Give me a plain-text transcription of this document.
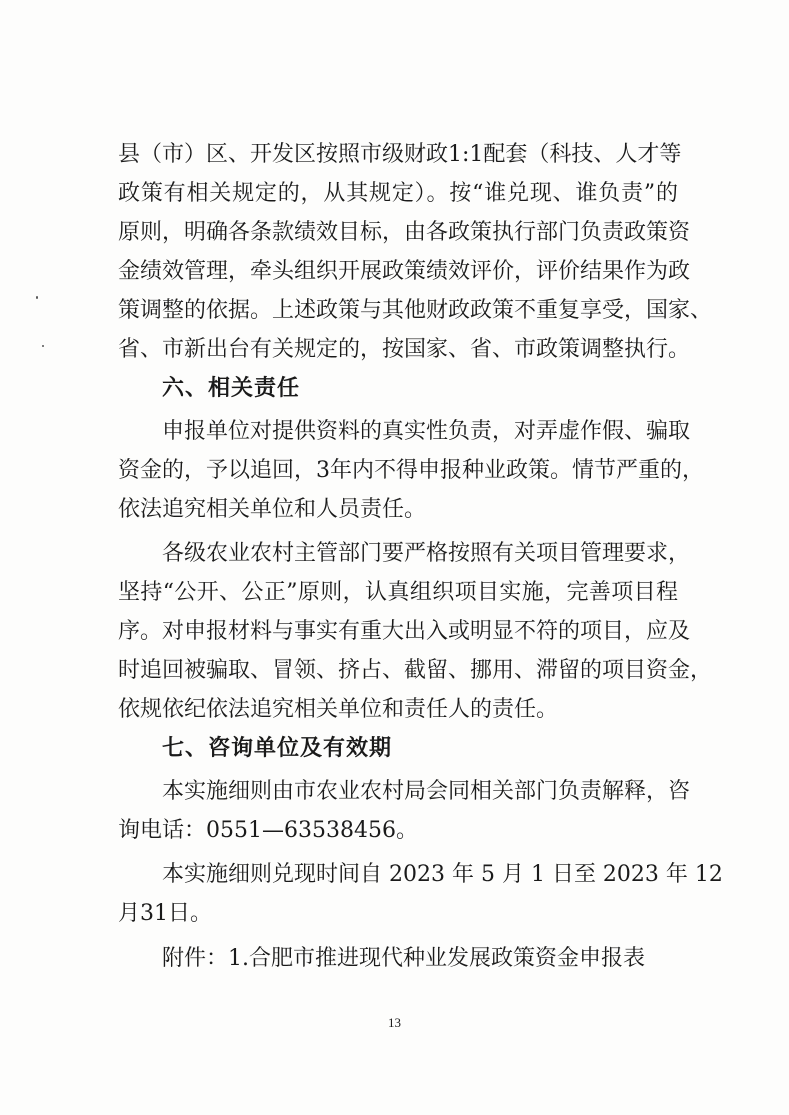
县（市）区、开发区按照市级财政1:1配套（科技、人才等
政策有相关规定的，从其规定）。按“谁兑现、谁负责”的
原则，明确各条款绩效目标，由各政策执行部门负责政策资
金绩效管理，牵头组织开展政策绩效评价，评价结果作为政
策调整的依据。上述政策与其他财政政策不重复享受，国家、
省、市新出台有关规定的，按国家、省、市政策调整执行。
六、相关责任
申报单位对提供资料的真实性负责，对弄虚作假、骗取
资金的，予以追回，3年内不得申报种业政策。情节严重的，
依法追究相关单位和人员责任。
各级农业农村主管部门要严格按照有关项目管理要求，
坚持“公开、公正”原则，认真组织项目实施，完善项目程
序。对申报材料与事实有重大出入或明显不符的项目，应及
时追回被骗取、冒领、挤占、截留、挪用、滞留的项目资金，
依规依纪依法追究相关单位和责任人的责任。
七、咨询单位及有效期
本实施细则由市农业农村局会同相关部门负责解释，咨
询电话：0551—63538456。
本实施细则兑现时间自 2023 年 5 月 1 日至 2023 年 12
月31日。
附件：1.合肥市推进现代种业发展政策资金申报表
13
